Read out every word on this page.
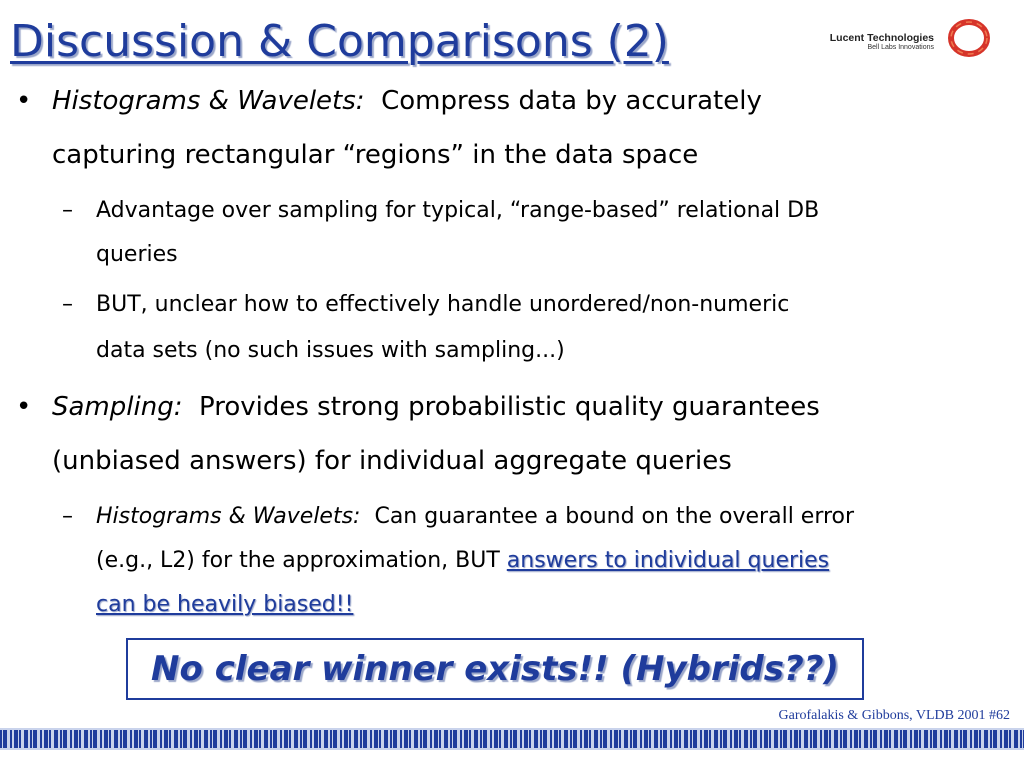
Discussion & Comparisons (2)	Lucent Technologies
Bell Labs Innovations
• Histograms & Wavelets: Compress data by accurately
capturing rectangular “regions” in the data space
– Advantage over sampling for typical, “range-based” relational DB
queries
– BUT, unclear how to effectively handle unordered/non-numeric
data sets (no such issues with sampling...)
• Sampling: Provides strong probabilistic quality guarantees
(unbiased answers) for individual aggregate queries
– Histograms & Wavelets: Can guarantee a bound on the overall error
(e.g., L2) for the approximation, BUT answers to individual queries
can be heavily biased!!
No clear winner exists!! (Hybrids??)
Garofalakis & Gibbons, VLDB 2001 #62
